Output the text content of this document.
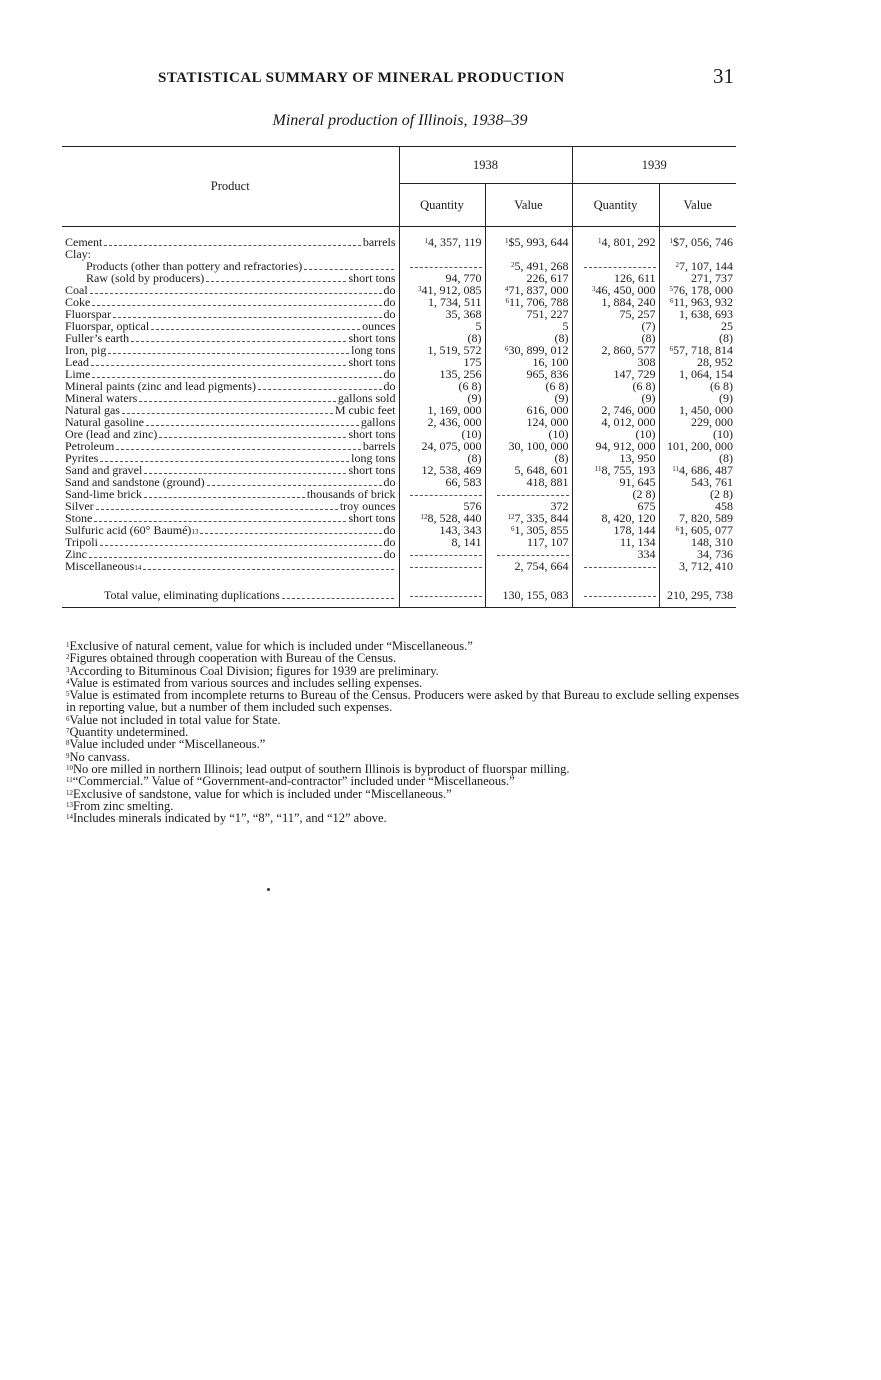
STATISTICAL SUMMARY OF MINERAL PRODUCTION	31
Mineral production of Illinois, 1938–39
Product	1938		1939	
	Quantity	Value	Quantity	Value

Cement barrels	$^1$4, 357, 119	$^1$\$5, 993, 644	$^1$4, 801, 292	$^1$\$7, 056, 746

Clay:				

Products (other than pottery and refractories)		$^2$5, 491, 268		$^2$7, 107, 144

Raw (sold by producers) short tons	94, 770	226, 617	126, 611	271, 737

Coal do	$^3$41, 912, 085	$^4$71, 837, 000	$^3$46, 450, 000	$^5$76, 178, 000

Coke do	1, 734, 511	$^6$11, 706, 788	1, 884, 240	$^6$11, 963, 932

Fluorspar do	35, 368	751, 227	75, 257	1, 638, 693

Fluorspar, optical ounces	5	5	(7)	25

Fuller’s earth short tons	(8)	(8)	(8)	(8)

Iron, pig long tons	1, 519, 572	$^6$30, 899, 012	2, 860, 577	$^6$57, 718, 814

Lead short tons	175	16, 100	308	28, 952

Lime do	135, 256	965, 836	147, 729	1, 064, 154

Mineral paints (zinc and lead pigments) do	(6 8)	(6 8)	(6 8)	(6 8)

Mineral waters gallons sold	(9)	(9)	(9)	(9)

Natural gas M cubic feet	1, 169, 000	616, 000	2, 746, 000	1, 450, 000

Natural gasoline gallons	2, 436, 000	124, 000	4, 012, 000	229, 000

Ore (lead and zinc) short tons	(10)	(10)	(10)	(10)

Petroleum barrels	24, 075, 000	30, 100, 000	94, 912, 000	101, 200, 000

Pyrites long tons	(8)	(8)	13, 950	(8)

Sand and gravel short tons	12, 538, 469	5, 648, 601	$^{11}$8, 755, 193	$^{11}$4, 686, 487

Sand and sandstone (ground) do	66, 583	418, 881	91, 645	543, 761

Sand-lime brick thousands of brick			(2 8)	(2 8)

Silver troy ounces	576	372	675	458

Stone short tons	$^{12}$8, 528, 440	$^{12}$7, 335, 844	8, 420, 120	7, 820, 589

Sulfuric acid (60° Baumé) 13 do	143, 343	$^6$1, 305, 855	178, 144	$^6$1, 605, 077

Tripoli do	8, 141	117, 107	11, 134	148, 310

Zinc do			334	34, 736

Miscellaneous 14		2, 754, 664		3, 712, 410

Total value, eliminating duplications		130, 155, 083		210, 295, 738

$^1$Exclusive of natural cement, value for which is included under “Miscellaneous.”

$^2$Figures obtained through cooperation with Bureau of the Census.

$^3$According to Bituminous Coal Division; figures for 1939 are preliminary.

$^4$Value is estimated from various sources and includes selling expenses.

$^5$Value is estimated from incomplete returns to Bureau of the Census. Producers were asked by that Bureau to exclude selling expenses in reporting value, but a number of them included such expenses.

$^6$Value not included in total value for State.

$^7$Quantity undetermined.

$^8$Value included under “Miscellaneous.”

$^9$No canvass.

$^{10}$No ore milled in northern Illinois; lead output of southern Illinois is byproduct of fluorspar milling.

$^{11}$“Commercial.” Value of “Government-and-contractor” included under “Miscellaneous.”

$^{12}$Exclusive of sandstone, value for which is included under “Miscellaneous.”

$^{13}$From zinc smelting.

$^{14}$Includes minerals indicated by “1”, “8”, “11”, and “12” above.
